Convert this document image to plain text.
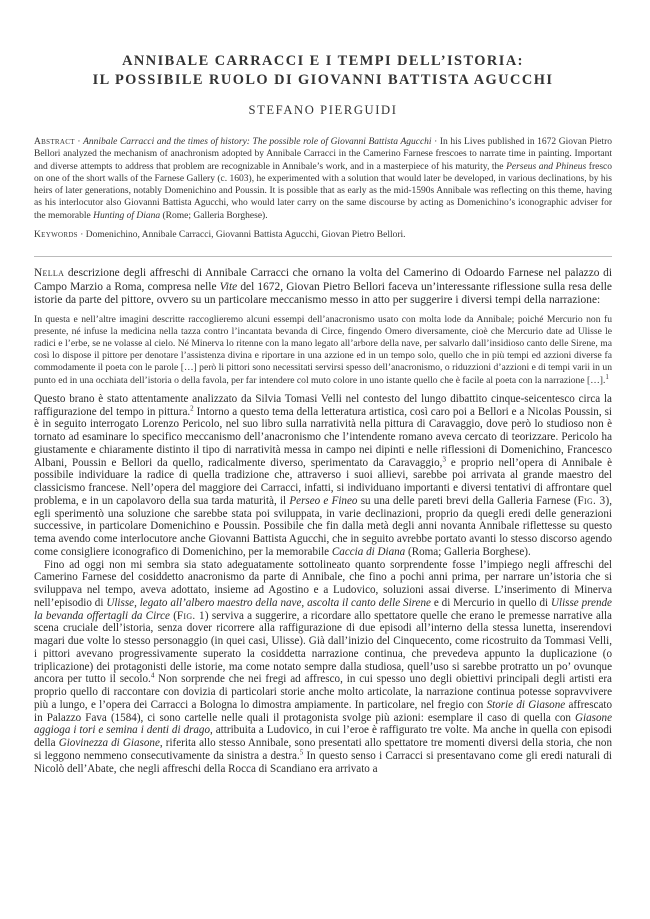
ANNIBALE CARRACCI E I TEMPI DELL’ISTORIA:
IL POSSIBILE RUOLO DI GIOVANNI BATTISTA AGUCCHI
STEFANO PIERGUIDI

Abstract · Annibale Carracci and the times of history: The possible role of Giovanni Battista Agucchi · In his Lives published in 1672 Giovan Pietro Bellori analyzed the mechanism of anachronism adopted by Annibale Carracci in the Camerino Farnese frescoes to narrate time in painting. Important and diverse attempts to address that problem are recognizable in Annibale’s work, and in a masterpiece of his maturity, the Perseus and Phineus fresco on one of the short walls of the Farnese Gallery (c. 1603), he experimented with a solution that would later be developed, in various declinations, by his heirs of later generations, notably Domenichino and Poussin. It is possible that as early as the mid-1590s Annibale was reflecting on this theme, having as his interlocutor also Giovanni Battista Agucchi, who would later carry on the same discourse by acting as Domenichino’s iconographic adviser for the memorable Hunting of Diana (Rome; Galleria Borghese).

Keywords · Domenichino, Annibale Carracci, Giovanni Battista Agucchi, Giovan Pietro Bellori.

Nella descrizione degli affreschi di Annibale Carracci che ornano la volta del Camerino di Odoardo Farnese nel palazzo di Campo Marzio a Roma, compresa nelle Vite del 1672, Giovan Pietro Bellori faceva un’interessante riflessione sulla resa delle istorie da parte del pittore, ovvero su un particolare meccanismo messo in atto per suggerire i diversi tempi della narrazione:

In questa e nell’altre imagini descritte raccoglieremo alcuni essempi dell’anacronismo usato con molta lode da Annibale; poiché Mercurio non fu presente, né infuse la medicina nella tazza contro l’incantata bevanda di Circe, fingendo Omero diversamente, cioè che Mercurio date ad Ulisse le radici e l’erbe, se ne volasse al cielo. Né Minerva lo ritenne con la mano legato all’arbore della nave, per salvarlo dall’insidioso canto delle Sirene, ma così lo dispose il pittore per denotare l’assistenza divina e riportare in una azzione ed in un tempo solo, quello che in più tempi ed azzioni diverse fa commodamente il poeta con le parole […] però li pittori sono necessitati servirsi spesso dell’anacronismo, o riduzzioni d’azzioni e di tempi varii in un punto ed in una occhiata dell’istoria o della favola, per far intendere col muto colore in uno istante quello che è facile al poeta con la narrazione […].$^1$

Questo brano è stato attentamente analizzato da Silvia Tomasi Velli nel contesto del lungo dibattito cinque-seicentesco circa la raffigurazione del tempo in pittura.$^2$ Intorno a questo tema della letteratura artistica, così caro poi a Bellori e a Nicolas Poussin, si è in seguito interrogato Lorenzo Pericolo, nel suo libro sulla narratività nella pittura di Caravaggio, dove però lo studioso non è tornato ad esaminare lo specifico meccanismo dell’anacronismo che l’intendente romano aveva cercato di teorizzare. Pericolo ha giustamente e chiaramente distinto il tipo di narratività messa in campo nei dipinti e nelle riflessioni di Domenichino, Francesco Albani, Poussin e Bellori da quello, radicalmente diverso, sperimentato da Caravaggio,$^3$ e proprio nell’opera di Annibale è possibile individuare la radice di quella tradizione che, attraverso i suoi allievi, sarebbe poi arrivata al grande maestro del classicismo francese. Nell’opera del maggiore dei Carracci, infatti, si individuano importanti e diversi tentativi di affrontare quel problema, e in un capolavoro della sua tarda maturità, il Perseo e Fineo su una delle pareti brevi della Galleria Farnese (Fig. 3), egli sperimentò una soluzione che sarebbe stata poi sviluppata, in varie declinazioni, proprio da quegli eredi delle generazioni successive, in particolare Domenichino e Poussin. Possibile che fin dalla metà degli anni novanta Annibale riflettesse su questo tema avendo come interlocutore anche Giovanni Battista Agucchi, che in seguito avrebbe portato avanti lo stesso discorso agendo come consigliere iconografico di Domenichino, per la memorabile Caccia di Diana (Roma; Galleria Borghese).

Fino ad oggi non mi sembra sia stato adeguatamente sottolineato quanto sorprendente fosse l’impiego negli affreschi del Camerino Farnese del cosiddetto anacronismo da parte di Annibale, che fino a pochi anni prima, per narrare un’istoria che si sviluppava nel tempo, aveva adottato, insieme ad Agostino e a Ludovico, soluzioni assai diverse. L’inserimento di Minerva nell’episodio di Ulisse, legato all’albero maestro della nave, ascolta il canto delle Sirene e di Mercurio in quello di Ulisse prende la bevanda offertagli da Circe (Fig. 1) serviva a suggerire, a ricordare allo spettatore quelle che erano le premesse narrative alla scena cruciale dell’istoria, senza dover ricorrere alla raffigurazione di due episodi all’interno della stessa lunetta, inserendovi magari due volte lo stesso personaggio (in quei casi, Ulisse). Già dall’inizio del Cinquecento, come ricostruito da Tommasi Velli, i pittori avevano progressivamente superato la cosiddetta narrazione continua, che prevedeva appunto la duplicazione (o triplicazione) dei protagonisti delle istorie, ma come notato sempre dalla studiosa, quell’uso si sarebbe protratto un po’ ovunque ancora per tutto il secolo.$^4$ Non sorprende che nei fregi ad affresco, in cui spesso uno degli obiettivi principali degli artisti era proprio quello di raccontare con dovizia di particolari storie anche molto articolate, la narrazione continua potesse sopravvivere più a lungo, e l’opera dei Carracci a Bologna lo dimostra ampiamente. In particolare, nel fregio con Storie di Giasone affrescato in Palazzo Fava (1584), ci sono cartelle nelle quali il protagonista svolge più azioni: esemplare il caso di quella con Giasone aggioga i tori e semina i denti di drago, attribuita a Ludovico, in cui l’eroe è raffigurato tre volte. Ma anche in quella con episodi della Giovinezza di Giasone, riferita allo stesso Annibale, sono presentati allo spettatore tre momenti diversi della storia, che non si leggono nemmeno consecutivamente da sinistra a destra.$^5$ In questo senso i Carracci si presentavano come gli eredi naturali di Nicolò dell’Abate, che negli affreschi della Rocca di Scandiano era arrivato a
